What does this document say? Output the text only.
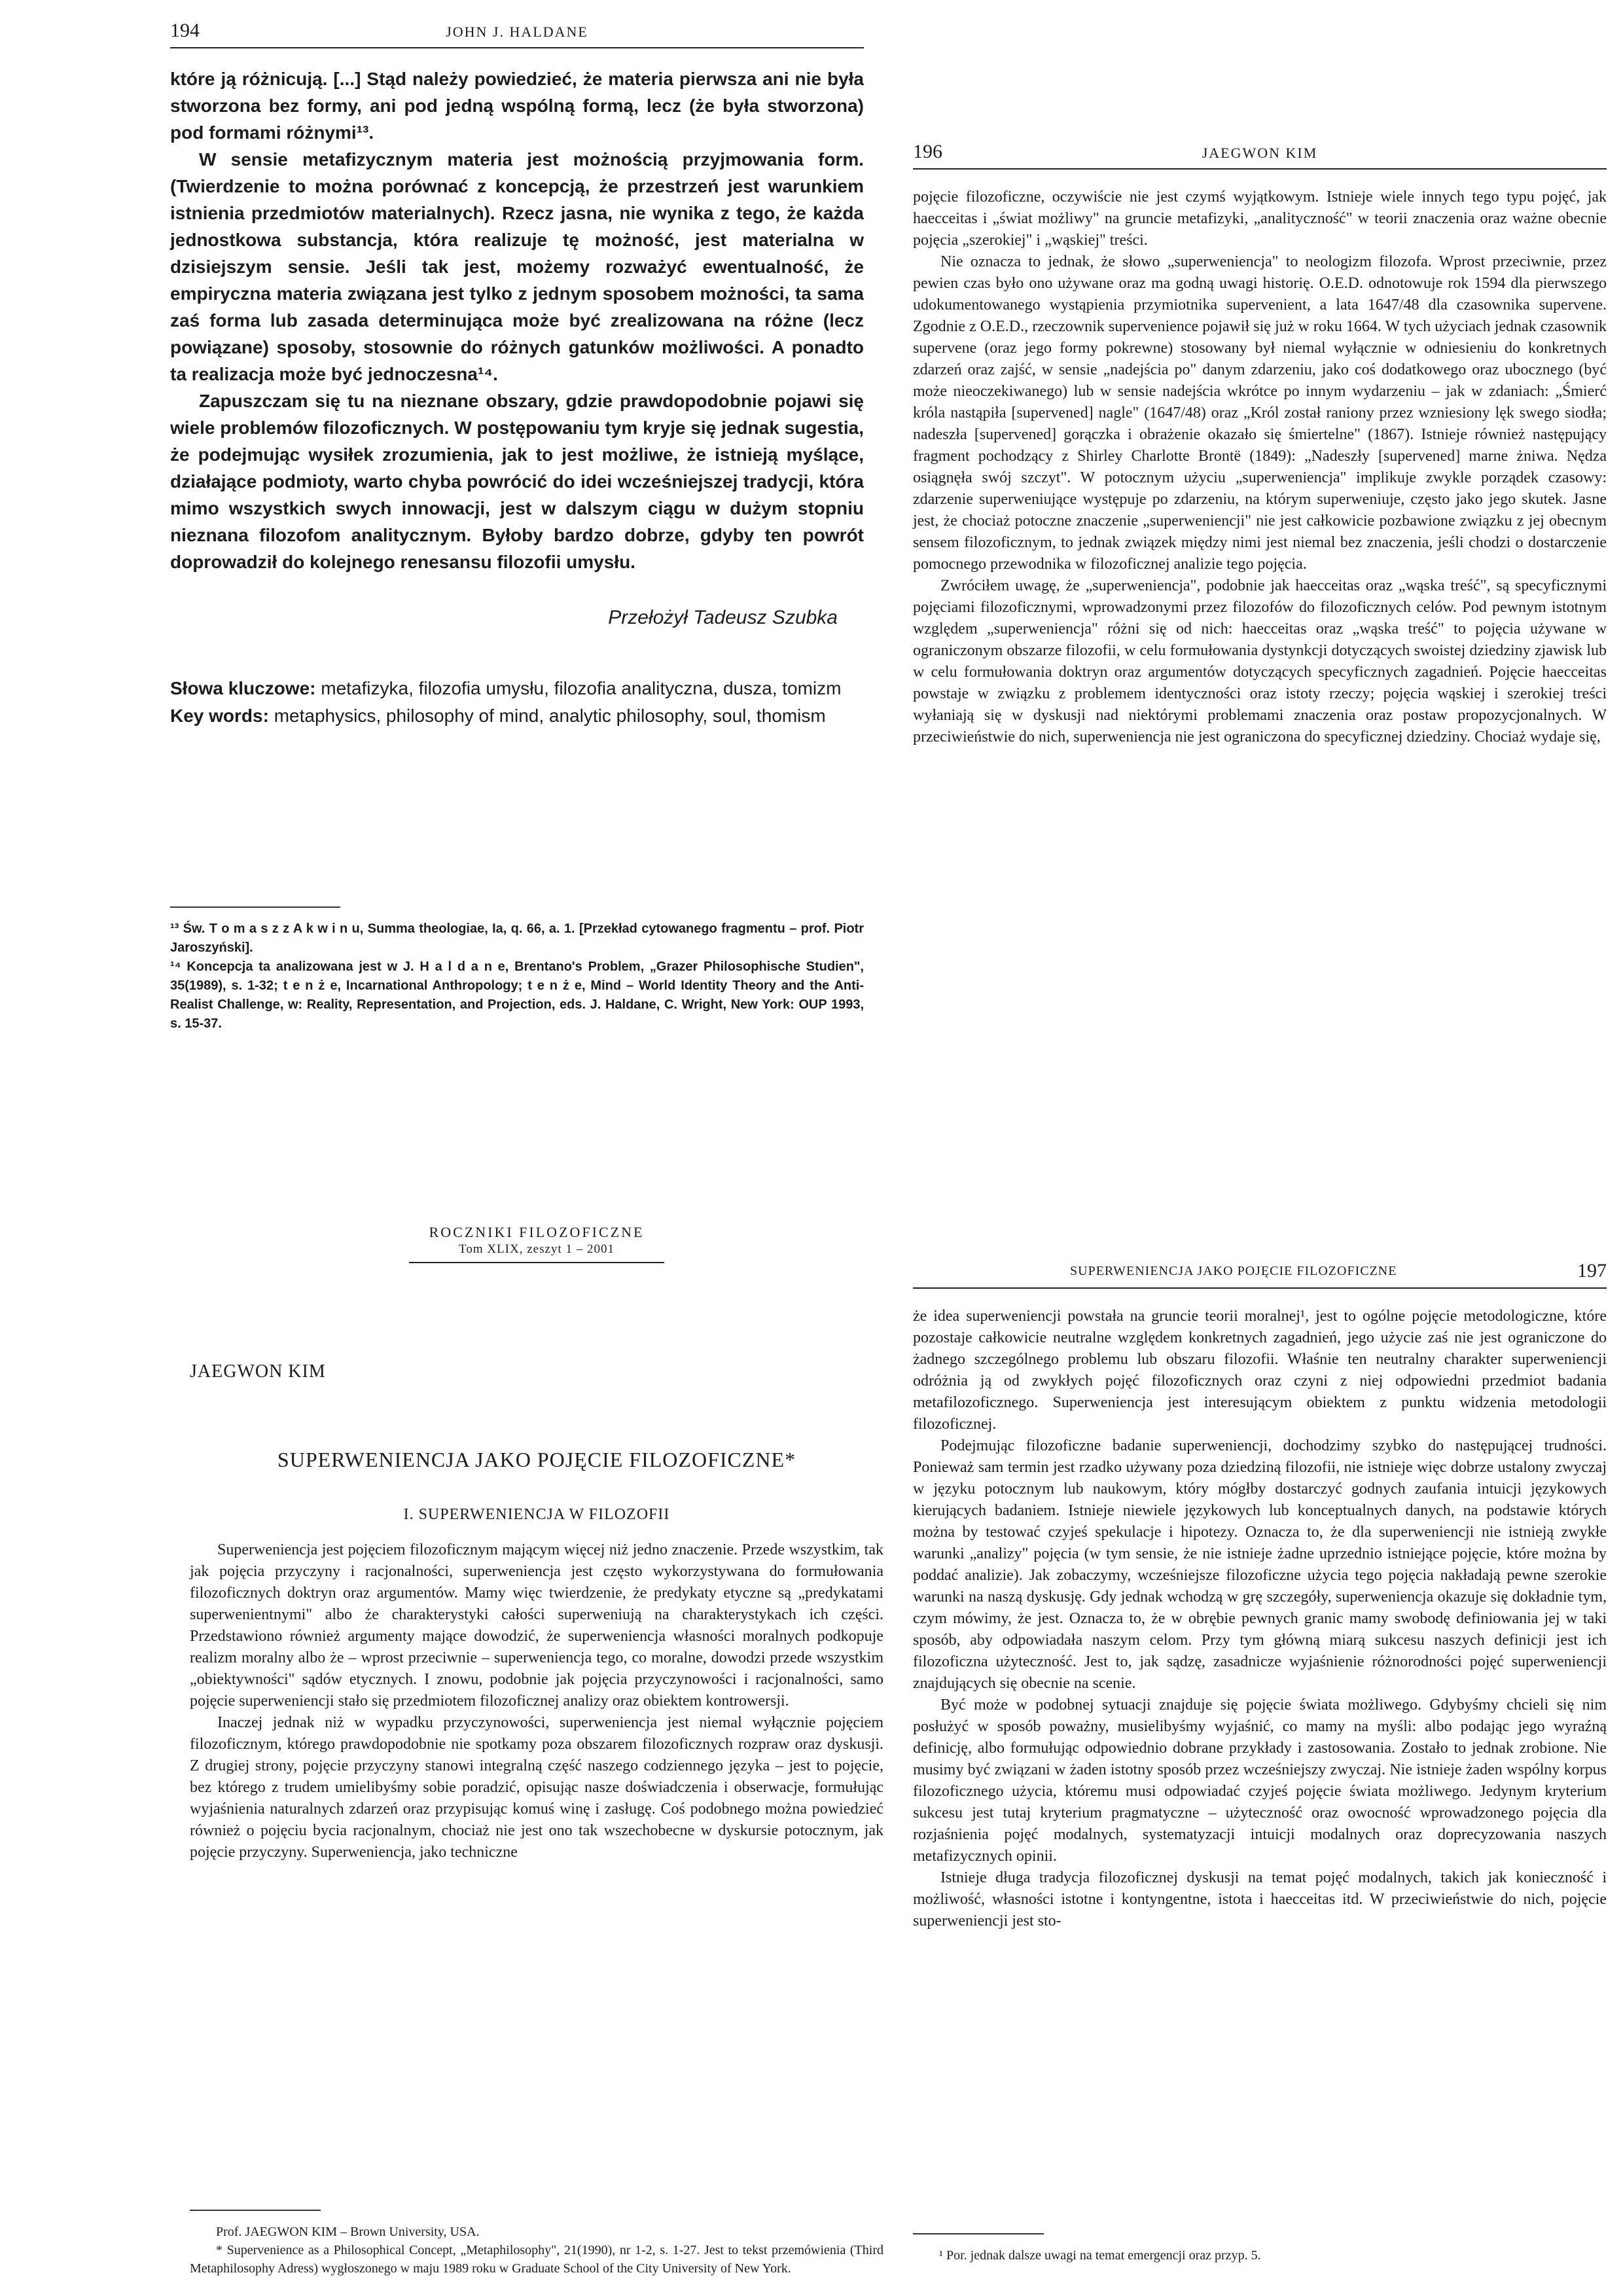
194	JOHN J. HALDANE

które ją różnicują. [...] Stąd należy powiedzieć, że materia pierwsza ani nie była stworzona bez formy, ani pod jedną wspólną formą, lecz (że była stworzona) pod formami różnymi¹³.

W sensie metafizycznym materia jest możnością przyjmowania form. (Twierdzenie to można porównać z koncepcją, że przestrzeń jest warunkiem istnienia przedmiotów materialnych). Rzecz jasna, nie wynika z tego, że każda jednostkowa substancja, która realizuje tę możność, jest materialna w dzisiejszym sensie. Jeśli tak jest, możemy rozważyć ewentualność, że empiryczna materia związana jest tylko z jednym sposobem możności, ta sama zaś forma lub zasada determinująca może być zrealizowana na różne (lecz powiązane) sposoby, stosownie do różnych gatunków możliwości. A ponadto ta realizacja może być jednoczesna¹⁴.

Zapuszczam się tu na nieznane obszary, gdzie prawdopodobnie pojawi się wiele problemów filozoficznych. W postępowaniu tym kryje się jednak sugestia, że podejmując wysiłek zrozumienia, jak to jest możliwe, że istnieją myślące, działające podmioty, warto chyba powrócić do idei wcześniejszej tradycji, która mimo wszystkich swych innowacji, jest w dalszym ciągu w dużym stopniu nieznana filozofom analitycznym. Byłoby bardzo dobrze, gdyby ten powrót doprowadził do kolejnego renesansu filozofii umysłu.

Przełożył Tadeusz Szubka
Słowa kluczowe: metafizyka, filozofia umysłu, filozofia analityczna, dusza, tomizm
Key words: metaphysics, philosophy of mind, analytic philosophy, soul, thomism

¹³ Św. T o m a s z z A k w i n u, Summa theologiae, Ia, q. 66, a. 1. [Przekład cytowanego fragmentu – prof. Piotr Jaroszyński].

¹⁴ Koncepcja ta analizowana jest w J. H a l d a n e, Brentano's Problem, „Grazer Philosophische Studien", 35(1989), s. 1-32; t e n ż e, Incarnational Anthropology; t e n ż e, Mind – World Identity Theory and the Anti-Realist Challenge, w: Reality, Representation, and Projection, eds. J. Haldane, C. Wright, New York: OUP 1993, s. 15-37.

196	JAEGWON KIM

pojęcie filozoficzne, oczywiście nie jest czymś wyjątkowym. Istnieje wiele innych tego typu pojęć, jak haecceitas i „świat możliwy" na gruncie metafizyki, „analityczność" w teorii znaczenia oraz ważne obecnie pojęcia „szerokiej" i „wąskiej" treści.

Nie oznacza to jednak, że słowo „superweniencja" to neologizm filozofa. Wprost przeciwnie, przez pewien czas było ono używane oraz ma godną uwagi historię. O.E.D. odnotowuje rok 1594 dla pierwszego udokumentowanego wystąpienia przymiotnika supervenient, a lata 1647/48 dla czasownika supervene. Zgodnie z O.E.D., rzeczownik supervenience pojawił się już w roku 1664. W tych użyciach jednak czasownik supervene (oraz jego formy pokrewne) stosowany był niemal wyłącznie w odniesieniu do konkretnych zdarzeń oraz zajść, w sensie „nadejścia po" danym zdarzeniu, jako coś dodatkowego oraz ubocznego (być może nieoczekiwanego) lub w sensie nadejścia wkrótce po innym wydarzeniu – jak w zdaniach: „Śmierć króla nastąpiła [supervened] nagle" (1647/48) oraz „Król został raniony przez wzniesiony lęk swego siodła; nadeszła [supervened] gorączka i obrażenie okazało się śmiertelne" (1867). Istnieje również następujący fragment pochodzący z Shirley Charlotte Brontë (1849): „Nadeszły [supervened] marne żniwa. Nędza osiągnęła swój szczyt". W potocznym użyciu „superweniencja" implikuje zwykle porządek czasowy: zdarzenie superweniujące występuje po zdarzeniu, na którym superweniuje, często jako jego skutek. Jasne jest, że chociaż potoczne znaczenie „superweniencji" nie jest całkowicie pozbawione związku z jej obecnym sensem filozoficznym, to jednak związek między nimi jest niemal bez znaczenia, jeśli chodzi o dostarczenie pomocnego przewodnika w filozoficznej analizie tego pojęcia.

Zwróciłem uwagę, że „superweniencja", podobnie jak haecceitas oraz „wąska treść", są specyficznymi pojęciami filozoficznymi, wprowadzonymi przez filozofów do filozoficznych celów. Pod pewnym istotnym względem „superweniencja" różni się od nich: haecceitas oraz „wąska treść" to pojęcia używane w ograniczonym obszarze filozofii, w celu formułowania dystynkcji dotyczących swoistej dziedziny zjawisk lub w celu formułowania doktryn oraz argumentów dotyczących specyficznych zagadnień. Pojęcie haecceitas powstaje w związku z problemem identyczności oraz istoty rzeczy; pojęcia wąskiej i szerokiej treści wyłaniają się w dyskusji nad niektórymi problemami znaczenia oraz postaw propozycjonalnych. W przeciwieństwie do nich, superweniencja nie jest ograniczona do specyficznej dziedziny. Chociaż wydaje się,

ROCZNIKI FILOZOFICZNE
Tom XLIX, zeszyt 1 – 2001
JAEGWON KIM
SUPERWENIENCJA JAKO POJĘCIE FILOZOFICZNE*
I. SUPERWENIENCJA W FILOZOFII

Superweniencja jest pojęciem filozoficznym mającym więcej niż jedno znaczenie. Przede wszystkim, tak jak pojęcia przyczyny i racjonalności, superweniencja jest często wykorzystywana do formułowania filozoficznych doktryn oraz argumentów. Mamy więc twierdzenie, że predykaty etyczne są „predykatami superwenientnymi" albo że charakterystyki całości superweniują na charakterystykach ich części. Przedstawiono również argumenty mające dowodzić, że superweniencja własności moralnych podkopuje realizm moralny albo że – wprost przeciwnie – superweniencja tego, co moralne, dowodzi przede wszystkim „obiektywności" sądów etycznych. I znowu, podobnie jak pojęcia przyczynowości i racjonalności, samo pojęcie superweniencji stało się przedmiotem filozoficznej analizy oraz obiektem kontrowersji.

Inaczej jednak niż w wypadku przyczynowości, superweniencja jest niemal wyłącznie pojęciem filozoficznym, którego prawdopodobnie nie spotkamy poza obszarem filozoficznych rozpraw oraz dyskusji. Z drugiej strony, pojęcie przyczyny stanowi integralną część naszego codziennego języka – jest to pojęcie, bez którego z trudem umielibyśmy sobie poradzić, opisując nasze doświadczenia i obserwacje, formułując wyjaśnienia naturalnych zdarzeń oraz przypisując komuś winę i zasługę. Coś podobnego można powiedzieć również o pojęciu bycia racjonalnym, chociaż nie jest ono tak wszechobecne w dyskursie potocznym, jak pojęcie przyczyny. Superweniencja, jako techniczne

Prof. JAEGWON KIM – Brown University, USA.

* Supervenience as a Philosophical Concept, „Metaphilosophy", 21(1990), nr 1-2, s. 1-27. Jest to tekst przemówienia (Third Metaphilosophy Adress) wygłoszonego w maju 1989 roku w Graduate School of the City University of New York.

SUPERWENIENCJA JAKO POJĘCIE FILOZOFICZNE	197

że idea superweniencji powstała na gruncie teorii moralnej¹, jest to ogólne pojęcie metodologiczne, które pozostaje całkowicie neutralne względem konkretnych zagadnień, jego użycie zaś nie jest ograniczone do żadnego szczególnego problemu lub obszaru filozofii. Właśnie ten neutralny charakter superweniencji odróżnia ją od zwykłych pojęć filozoficznych oraz czyni z niej odpowiedni przedmiot badania metafilozoficznego. Superweniencja jest interesującym obiektem z punktu widzenia metodologii filozoficznej.

Podejmując filozoficzne badanie superweniencji, dochodzimy szybko do następującej trudności. Ponieważ sam termin jest rzadko używany poza dziedziną filozofii, nie istnieje więc dobrze ustalony zwyczaj w języku potocznym lub naukowym, który mógłby dostarczyć godnych zaufania intuicji językowych kierujących badaniem. Istnieje niewiele językowych lub konceptualnych danych, na podstawie których można by testować czyjeś spekulacje i hipotezy. Oznacza to, że dla superweniencji nie istnieją zwykłe warunki „analizy" pojęcia (w tym sensie, że nie istnieje żadne uprzednio istniejące pojęcie, które można by poddać analizie). Jak zobaczymy, wcześniejsze filozoficzne użycia tego pojęcia nakładają pewne szerokie warunki na naszą dyskusję. Gdy jednak wchodzą w grę szczegóły, superweniencja okazuje się dokładnie tym, czym mówimy, że jest. Oznacza to, że w obrębie pewnych granic mamy swobodę definiowania jej w taki sposób, aby odpowiadała naszym celom. Przy tym główną miarą sukcesu naszych definicji jest ich filozoficzna użyteczność. Jest to, jak sądzę, zasadnicze wyjaśnienie różnorodności pojęć superweniencji znajdujących się obecnie na scenie.

Być może w podobnej sytuacji znajduje się pojęcie świata możliwego. Gdybyśmy chcieli się nim posłużyć w sposób poważny, musielibyśmy wyjaśnić, co mamy na myśli: albo podając jego wyraźną definicję, albo formułując odpowiednio dobrane przykłady i zastosowania. Zostało to jednak zrobione. Nie musimy być związani w żaden istotny sposób przez wcześniejszy zwyczaj. Nie istnieje żaden wspólny korpus filozoficznego użycia, któremu musi odpowiadać czyjeś pojęcie świata możliwego. Jedynym kryterium sukcesu jest tutaj kryterium pragmatyczne – użyteczność oraz owocność wprowadzonego pojęcia dla rozjaśnienia pojęć modalnych, systematyzacji intuicji modalnych oraz doprecyzowania naszych metafizycznych opinii.

Istnieje długa tradycja filozoficznej dyskusji na temat pojęć modalnych, takich jak konieczność i możliwość, własności istotne i kontyngentne, istota i haecceitas itd. W przeciwieństwie do nich, pojęcie superweniencji jest sto-

¹ Por. jednak dalsze uwagi na temat emergencji oraz przyp. 5.
